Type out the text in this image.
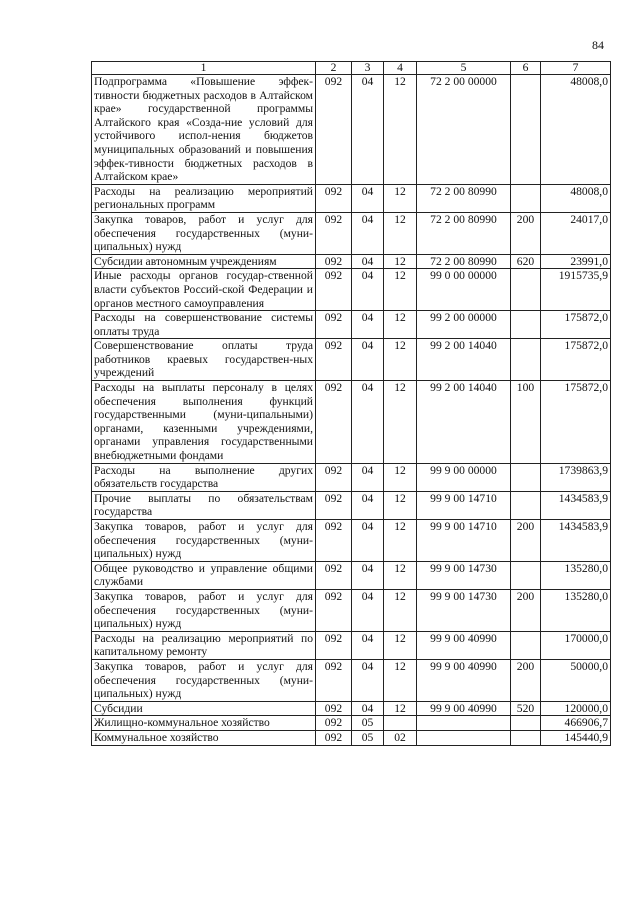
84
1	2	3	4	5	6	7
Подпрограмма «Повышение эффек-тивности бюджетных расходов в Алтайском крае» государственной программы Алтайского края «Созда-ние условий для устойчивого испол-нения бюджетов муниципальных образований и повышения эффек-тивности бюджетных расходов в Алтайском крае»	092	04	12	72 2 00 00000		48008,0
Расходы на реализацию мероприятий региональных программ	092	04	12	72 2 00 80990		48008,0
Закупка товаров, работ и услуг для обеспечения государственных (муни-ципальных) нужд	092	04	12	72 2 00 80990	200	24017,0
Субсидии автономным учреждениям	092	04	12	72 2 00 80990	620	23991,0
Иные расходы органов государ-ственной власти субъектов Россий-ской Федерации и органов местного самоуправления	092	04	12	99 0 00 00000		1915735,9
Расходы на совершенствование системы оплаты труда	092	04	12	99 2 00 00000		175872,0
Совершенствование оплаты труда работников краевых государствен-ных учреждений	092	04	12	99 2 00 14040		175872,0
Расходы на выплаты персоналу в целях обеспечения выполнения функций государственными (муни-ципальными) органами, казенными учреждениями, органами управления государственными внебюджетными фондами	092	04	12	99 2 00 14040	100	175872,0
Расходы на выполнение других обязательств государства	092	04	12	99 9 00 00000		1739863,9
Прочие выплаты по обязательствам государства	092	04	12	99 9 00 14710		1434583,9
Закупка товаров, работ и услуг для обеспечения государственных (муни-ципальных) нужд	092	04	12	99 9 00 14710	200	1434583,9
Общее руководство и управление общими службами	092	04	12	99 9 00 14730		135280,0
Закупка товаров, работ и услуг для обеспечения государственных (муни-ципальных) нужд	092	04	12	99 9 00 14730	200	135280,0
Расходы на реализацию мероприятий по капитальному ремонту	092	04	12	99 9 00 40990		170000,0
Закупка товаров, работ и услуг для обеспечения государственных (муни-ципальных) нужд	092	04	12	99 9 00 40990	200	50000,0
Субсидии	092	04	12	99 9 00 40990	520	120000,0
Жилищно-коммунальное хозяйство	092	05				466906,7
Коммунальное хозяйство	092	05	02			145440,9
